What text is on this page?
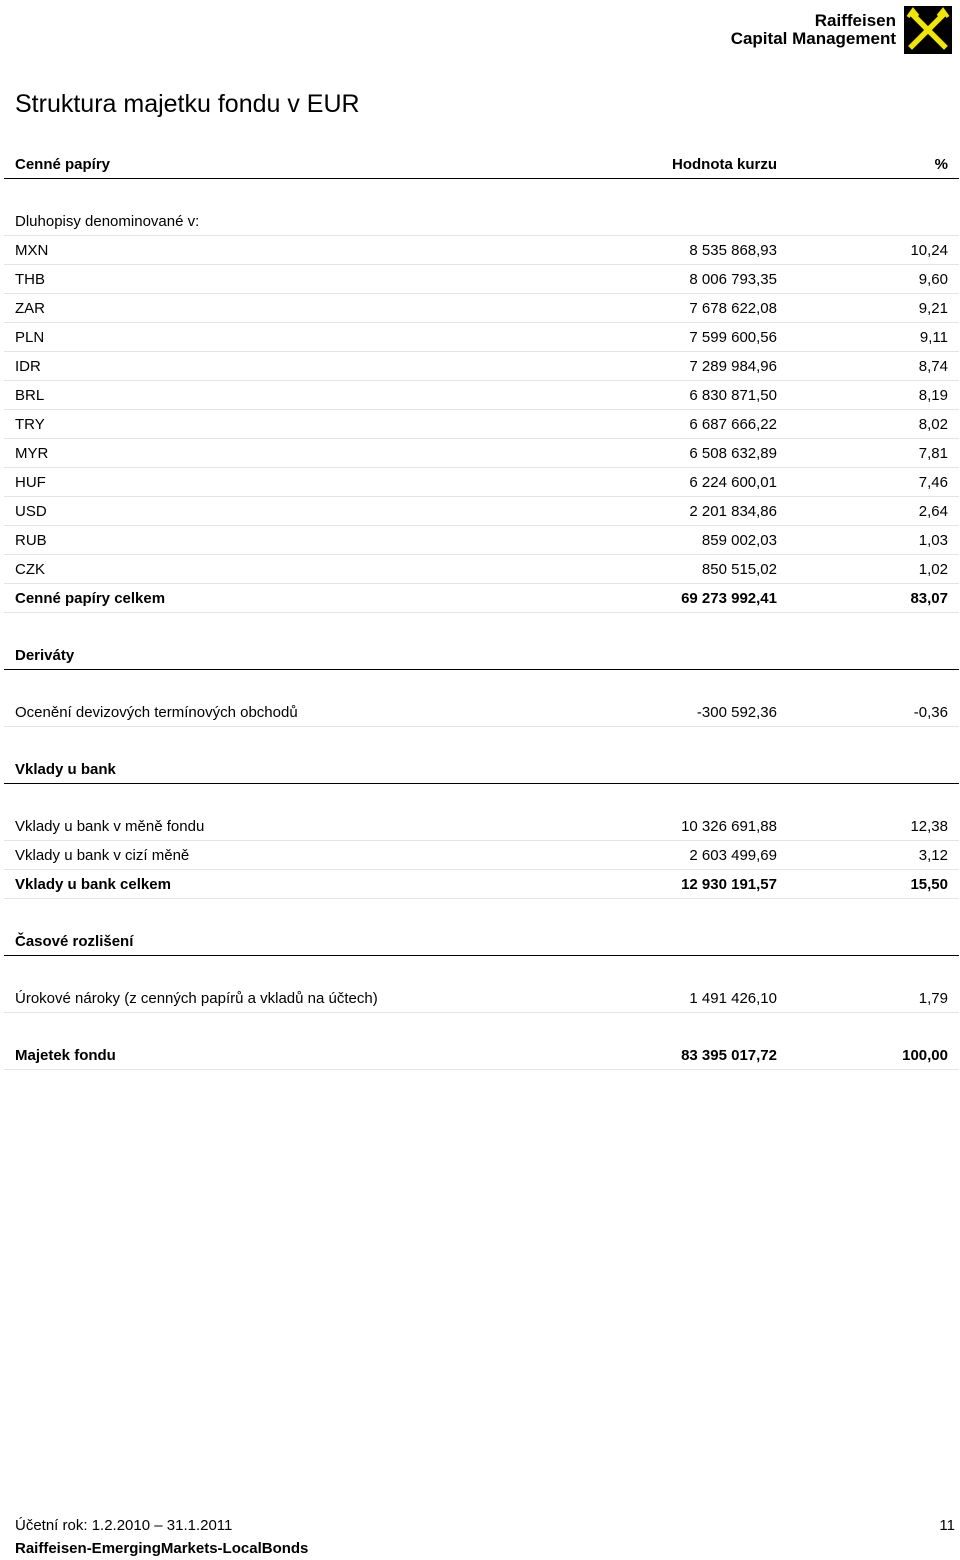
Raiffeisen
Capital Management
Struktura majetku fondu v EUR
Cenné papíry	Hodnota kurzu	%
Dluhopisy denominované v:
MXN	8 535 868,93	10,24
THB	8 006 793,35	9,60
ZAR	7 678 622,08	9,21
PLN	7 599 600,56	9,11
IDR	7 289 984,96	8,74
BRL	6 830 871,50	8,19
TRY	6 687 666,22	8,02
MYR	6 508 632,89	7,81
HUF	6 224 600,01	7,46
USD	2 201 834,86	2,64
RUB	859 002,03	1,03
CZK	850 515,02	1,02
Cenné papíry celkem	69 273 992,41	83,07
Deriváty
Ocenění devizových termínových obchodů	-300 592,36	-0,36
Vklady u bank
Vklady u bank v měně fondu	10 326 691,88	12,38
Vklady u bank v cizí měně	2 603 499,69	3,12
Vklady u bank celkem	12 930 191,57	15,50
Časové rozlišení
Úrokové nároky (z cenných papírů a vkladů na účtech)	1 491 426,10	1,79
Majetek fondu	83 395 017,72	100,00
Účetní rok: 1.2.2010 – 31.1.2011	11
Raiffeisen-EmergingMarkets-LocalBonds
